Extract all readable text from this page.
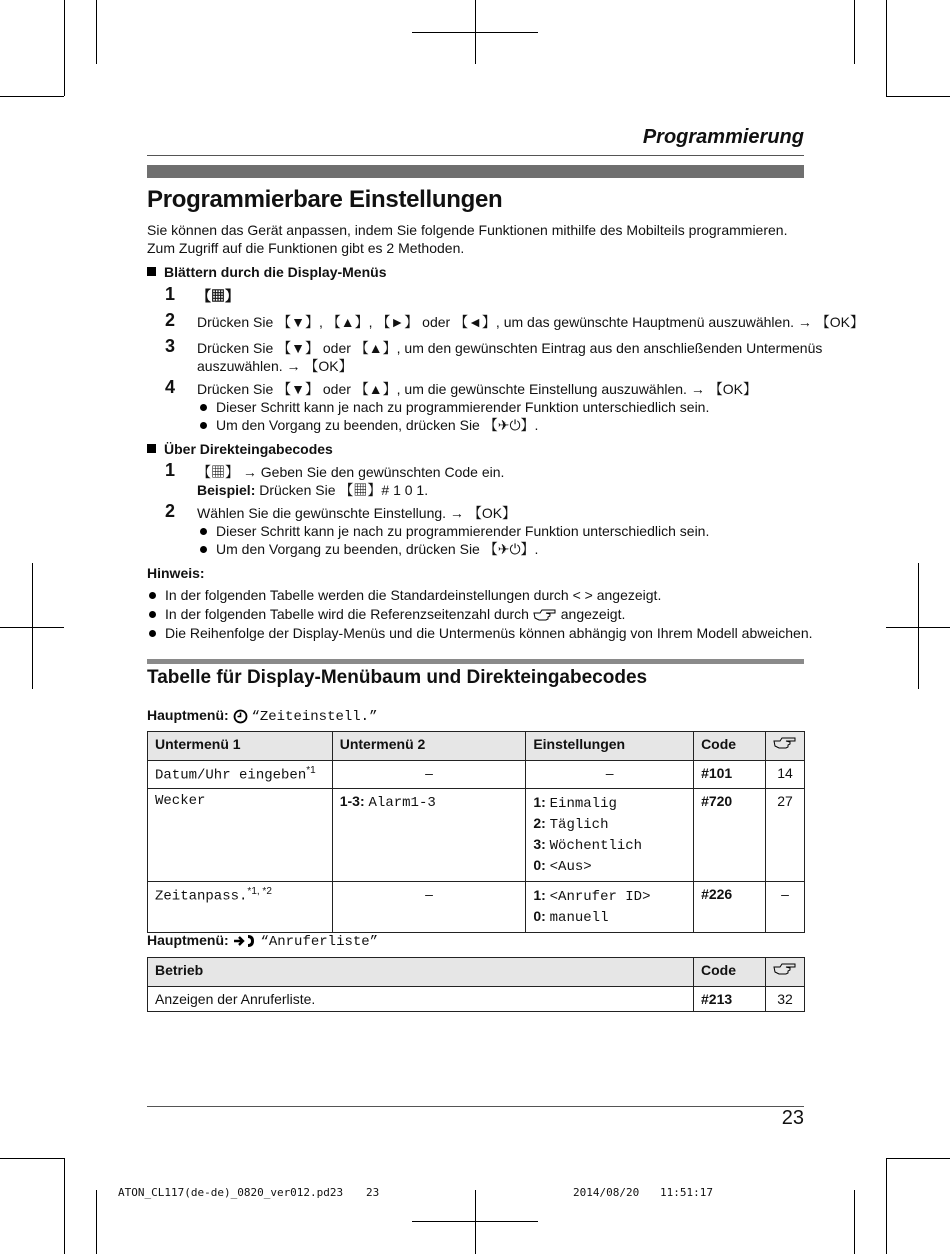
Programmierung
Programmierbare Einstellungen
Sie können das Gerät anpassen, indem Sie folgende Funktionen mithilfe des Mobilteils programmieren.
Zum Zugriff auf die Funktionen gibt es 2 Methoden.
Blättern durch die Display-Menüs
1 【▦】
2 Drücken Sie 【▼】, 【▲】, 【►】 oder 【◄】, um das gewünschte Hauptmenü auszuwählen. → 【OK】
3 Drücken Sie 【▼】 oder 【▲】, um den gewünschten Eintrag aus den anschließenden Untermenüs
auszuwählen. → 【OK】
4 Drücken Sie 【▼】 oder 【▲】, um die gewünschte Einstellung auszuwählen. → 【OK】
Dieser Schritt kann je nach zu programmierender Funktion unterschiedlich sein.
Um den Vorgang zu beenden, drücken Sie 【✈⏻】.
Über Direkteingabecodes
1 【▦】 → Geben Sie den gewünschten Code ein.
Beispiel: Drücken Sie 【▦】# 1 0 1.
2 Wählen Sie die gewünschte Einstellung. → 【OK】
Dieser Schritt kann je nach zu programmierender Funktion unterschiedlich sein.
Um den Vorgang zu beenden, drücken Sie 【✈⏻】.
Hinweis:
In der folgenden Tabelle werden die Standardeinstellungen durch < > angezeigt.
In der folgenden Tabelle wird die Referenzseitenzahl durch angezeigt.
Die Reihenfolge der Display-Menüs und die Untermenüs können abhängig von Ihrem Modell abweichen.
Tabelle für Display-Menübaum und Direkteingabecodes
Hauptmenü: “Zeiteinstell.”
Untermenü 1	Untermenü 2	Einstellungen	Code	
Datum/Uhr eingeben$^{*1}$	–	–	#101	14
Wecker	1-3: Alarm1-3	1: Einmalig
2: Täglich
3: Wöchentlich
0: <Aus>	#720	27
Zeitanpass.$^{*1, *2}$	–	1: <Anrufer ID>
0: manuell	#226	–
Hauptmenü: “Anruferliste”
Betrieb	Code	
Anzeigen der Anruferliste.	#213	32
23
ATON_CL117(de-de)_0820_ver012.pd23 23	2014/08/20 11:51:17
